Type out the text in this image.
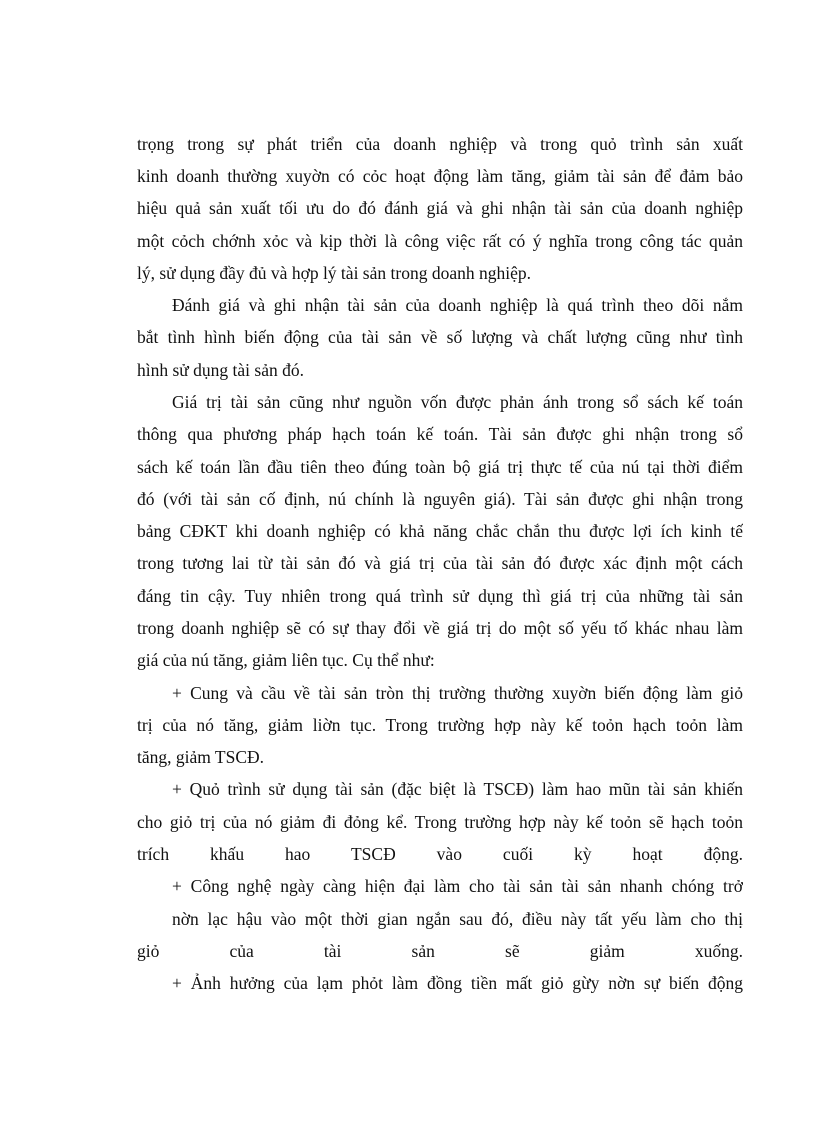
trọng trong sự phát triển của doanh nghiệp và trong quỏ trình sản xuất
kinh doanh thường xuyờn có cỏc hoạt động làm tăng, giảm tài sản để đảm bảo
hiệu quả sản xuất tối ưu do đó đánh giá và ghi nhận tài sản của doanh nghiệp
một cỏch chớnh xỏc và kịp thời là công việc rất có ý nghĩa trong công tác quản
lý, sử dụng đầy đủ và hợp lý tài sản trong doanh nghiệp.
Đánh giá và ghi nhận tài sản của doanh nghiệp là quá trình theo dõi nắm
bắt tình hình biến động của tài sản về số lượng và chất lượng cũng như tình
hình sử dụng tài sản đó.
Giá trị tài sản cũng như nguồn vốn được phản ánh trong sổ sách kế toán
thông qua phương pháp hạch toán kế toán. Tài sản được ghi nhận trong sổ
sách kế toán lần đầu tiên theo đúng toàn bộ giá trị thực tế của nú tại thời điểm
đó (với tài sản cố định, nú chính là nguyên giá). Tài sản được ghi nhận trong
bảng CĐKT khi doanh nghiệp có khả năng chắc chắn thu được lợi ích kinh tế
trong tương lai từ tài sản đó và giá trị của tài sản đó được xác định một cách
đáng tin cậy. Tuy nhiên trong quá trình sử dụng thì giá trị của những tài sản
trong doanh nghiệp sẽ có sự thay đổi về giá trị do một số yếu tố khác nhau làm
giá của nú tăng, giảm liên tục. Cụ thể như:
+ Cung và cầu về tài sản tròn thị trường thường xuyờn biến động làm giỏ
trị của nó tăng, giảm liờn tục. Trong trường hợp này kế toỏn hạch toỏn làm
tăng, giảm TSCĐ.
+ Quỏ trình sử dụng tài sản (đặc biệt là TSCĐ) làm hao mũn tài sản khiến
cho giỏ trị của nó giảm đi đỏng kể. Trong trường hợp này kế toỏn sẽ hạch toỏn
trích khấu hao TSCĐ vào cuối kỳ hoạt động.
+ Công nghệ ngày càng hiện đại làm cho tài sản tài sản nhanh chóng trở
nờn lạc hậu vào một thời gian ngắn sau đó, điều này tất yếu làm cho thị
giỏ của tài sản sẽ giảm xuống.
+ Ảnh hưởng của lạm phỏt làm đồng tiền mất giỏ gừy nờn sự biến động
